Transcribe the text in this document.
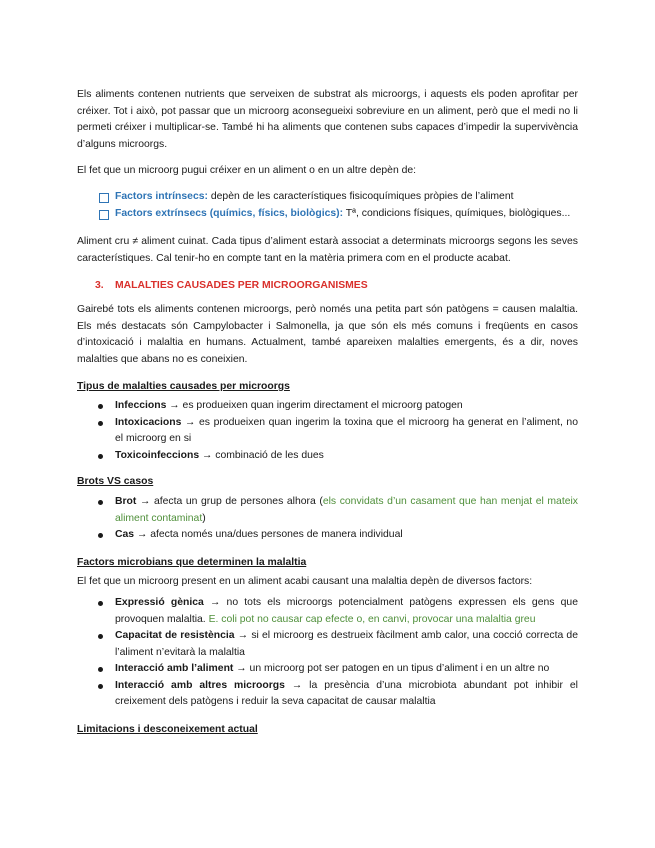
Els aliments contenen nutrients que serveixen de substrat als microorgs, i aquests els poden aprofitar per créixer. Tot i això, pot passar que un microorg aconsegueixi sobreviure en un aliment, però que el medi no li permeti créixer i multiplicar-se. També hi ha aliments que contenen subs capaces d’impedir la supervivència d’alguns microorgs.

El fet que un microorg pugui créixer en un aliment o en un altre depèn de:

Factors intrínsecs: depèn de les característiques fisicoquímiques pròpies de l’aliment
Factors extrínsecs (químics, físics, biològics): Tª, condicions físiques, químiques, biològiques...

Aliment cru ≠ aliment cuinat. Cada tipus d’aliment estarà associat a determinats microorgs segons les seves característiques. Cal tenir-ho en compte tant en la matèria primera com en el producte acabat.

3. MALALTIES CAUSADES PER MICROORGANISMES

Gairebé tots els aliments contenen microorgs, però només una petita part són patògens = causen malaltia. Els més destacats són Campylobacter i Salmonella, ja que són els més comuns i freqüents en casos d’intoxicació i malaltia en humans. Actualment, també apareixen malalties emergents, és a dir, noves malalties que abans no es coneixien.

Tipus de malalties causades per microorgs
Infeccions → es produeixen quan ingerim directament el microorg patogen
Intoxicacions → es produeixen quan ingerim la toxina que el microorg ha generat en l’aliment, no el microorg en si
Toxicoinfeccions → combinació de les dues
Brots VS casos
Brot → afecta un grup de persones alhora (els convidats d’un casament que han menjat el mateix aliment contaminat)
Cas → afecta només una/dues persones de manera individual
Factors microbians que determinen la malaltia

El fet que un microorg present en un aliment acabi causant una malaltia depèn de diversos factors:

Expressió gènica → no tots els microorgs potencialment patògens expressen els gens que provoquen malaltia. E. coli pot no causar cap efecte o, en canvi, provocar una malaltia greu
Capacitat de resistència → si el microorg es destrueix fàcilment amb calor, una cocció correcta de l’aliment n’evitarà la malaltia
Interacció amb l’aliment → un microorg pot ser patogen en un tipus d’aliment i en un altre no
Interacció amb altres microorgs → la presència d’una microbiota abundant pot inhibir el creixement dels patògens i reduir la seva capacitat de causar malaltia
Limitacions i desconeixement actual
